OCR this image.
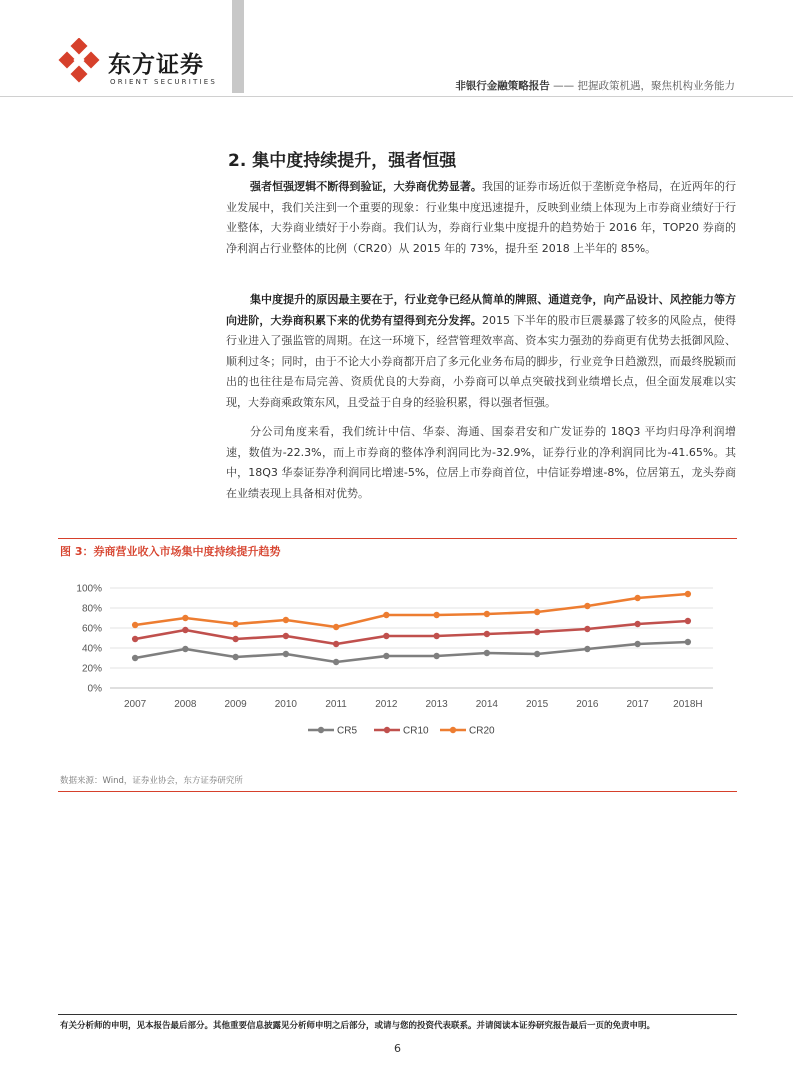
东方证券
ORIENT SECURITIES	非银行金融策略报告 —— 把握政策机遇，聚焦机构业务能力
2. 集中度持续提升，强者恒强

强者恒强逻辑不断得到验证，大券商优势显著。我国的证券市场近似于垄断竞争格局，在近两年的行业发展中，我们关注到一个重要的现象：行业集中度迅速提升，反映到业绩上体现为上市券商业绩好于行业整体，大券商业绩好于小券商。我们认为，券商行业集中度提升的趋势始于 2016 年，TOP20 券商的净利润占行业整体的比例（CR20）从 2015 年的 73%，提升至 2018 上半年的 85%。

集中度提升的原因最主要在于，行业竞争已经从简单的牌照、通道竞争，向产品设计、风控能力等方向进阶，大券商积累下来的优势有望得到充分发挥。2015 下半年的股市巨震暴露了较多的风险点，使得行业进入了强监管的周期。在这一环境下，经营管理效率高、资本实力强劲的券商更有优势去抵御风险、顺利过冬；同时，由于不论大小券商都开启了多元化业务布局的脚步，行业竞争日趋激烈，而最终脱颖而出的也往往是布局完善、资质优良的大券商，小券商可以单点突破找到业绩增长点，但全面发展难以实现，大券商乘政策东风，且受益于自身的经验积累，得以强者恒强。

分公司角度来看，我们统计中信、华泰、海通、国泰君安和广发证券的 18Q3 平均归母净利润增速，数值为-22.3%，而上市券商的整体净利润同比为-32.9%，证券行业的净利润同比为-41.65%。其中，18Q3 华泰证券净利润同比增速-5%，位居上市券商首位，中信证券增速-8%，位居第五，龙头券商在业绩表现上具备相对优势。

图 3：券商营业收入市场集中度持续提升趋势
0%
20%
40%
60%
80%
100%
2007	2008	2009	2010	2011	2012	2013	2014	2015	2016	2017 2018H
CR5	CR10	CR20
数据来源：Wind，证券业协会，东方证券研究所
有关分析师的申明，见本报告最后部分。其他重要信息披露见分析师申明之后部分，或请与您的投资代表联系。并请阅读本证券研究报告最后一页的免责申明。
6
